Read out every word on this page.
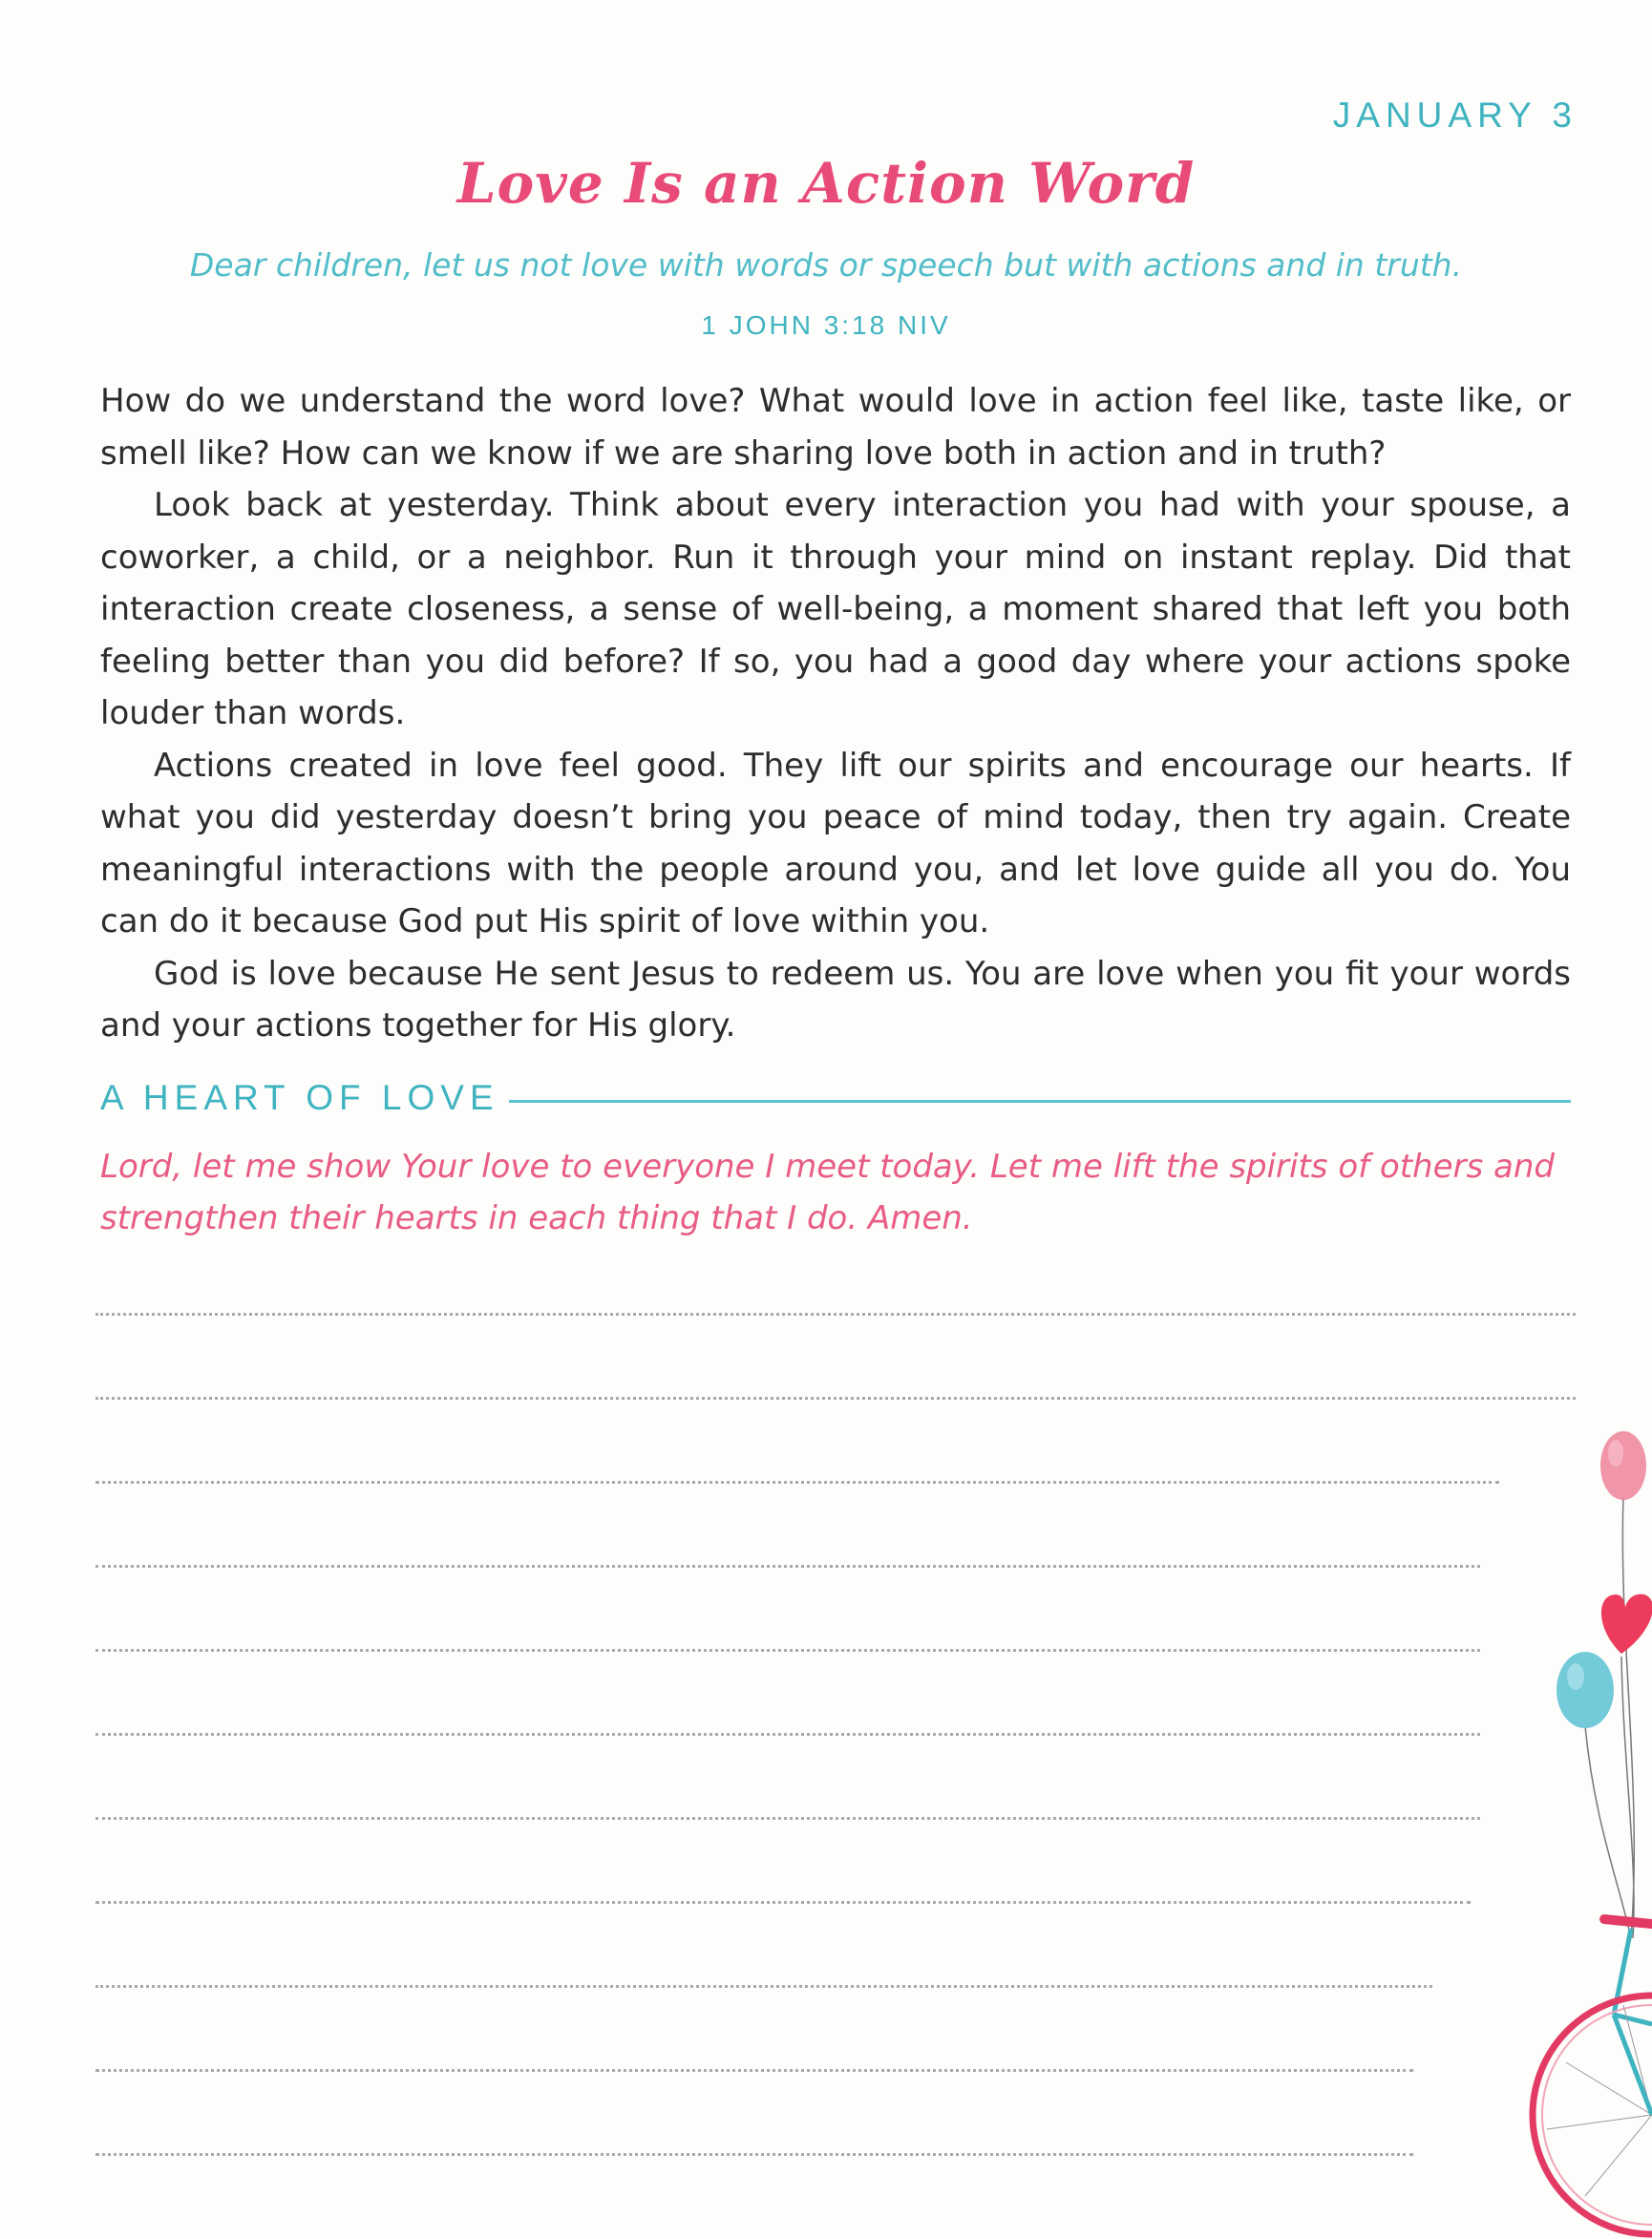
JANUARY 3
Love Is an Action Word
Dear children, let us not love with words or speech but with actions and in truth.
1 JOHN 3:18 NIV

How do we understand the word love? What would love in action feel like, taste like, or smell like? How can we know if we are sharing love both in action and in truth?

Look back at yesterday. Think about every interaction you had with your spouse, a coworker, a child, or a neighbor. Run it through your mind on instant replay. Did that interaction create closeness, a sense of well-being, a moment shared that left you both feeling better than you did before? If so, you had a good day where your actions spoke louder than words.

Actions created in love feel good. They lift our spirits and encourage our hearts. If what you did yesterday doesn’t bring you peace of mind today, then try again. Create meaningful interactions with the people around you, and let love guide all you do. You can do it because God put His spirit of love within you.

God is love because He sent Jesus to redeem us. You are love when you fit your words and your actions together for His glory.

A HEART OF LOVE
Lord, let me show Your love to everyone I meet today. Let me lift the spirits of others and strengthen their hearts in each thing that I do. Amen.
